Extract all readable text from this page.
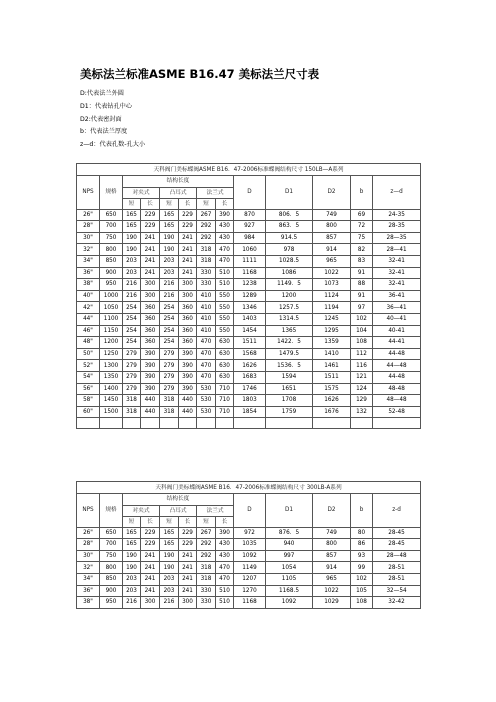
美标法兰标准ASME B16.47 美标法兰尺寸表
D:代表法兰外圆
D1：代表钻孔中心
D2:代表密封面
b：代表法兰厚度
z—d：代表孔数-孔大小
天科阀门美标蝶阀ASME B16．47-2006标准蝶阀结构尺寸 150LB—A系列												
NPS	规格	结构长度						D	D1	D2	b	z—d
		对夹式		凸耳式		法兰式						
		短	长	短	长	短	长					
26"	650	165	229	165	229	267	390	870	806．5	749	69	24-35
28"	700	165	229	165	229	292	430	927	863．5	800	72	28-35
30"	750	190	241	190	241	292	430	984	914.5	857	75	28—35
32"	800	190	241	190	241	318	470	1060	978	914	82	28—41
34"	850	203	241	203	241	318	470	1111	1028.5	965	83	32-41
36"	900	203	241	203	241	330	510	1168	1086	1022	91	32-41
38"	950	216	300	216	300	330	510	1238	1149．5	1073	88	32-41
40"	1000	216	300	216	300	410	550	1289	1200	1124	91	36-41
42"	1050	254	360	254	360	410	550	1346	1257.5	1194	97	36—41
44"	1100	254	360	254	360	410	550	1403	1314.5	1245	102	40—41
46"	1150	254	360	254	360	410	550	1454	1365	1295	104	40-41
48"	1200	254	360	254	360	470	630	1511	1422．5	1359	108	44-41
50"	1250	279	390	279	390	470	630	1568	1479.5	1410	112	44-48
52"	1300	279	390	279	390	470	630	1626	1536．5	1461	116	44—48
54"	1350	279	390	279	390	470	630	1683	1594	1511	121	44-48
56"	1400	279	390	279	390	530	710	1746	1651	1575	124	48-48
58"	1450	318	440	318	440	530	710	1803	1708	1626	129	48—48
60"	1500	318	440	318	440	530	710	1854	1759	1676	132	52-48

天科阀门美标蝶阀ASME B16．47-2006标准蝶阀结构尺寸 300LB-A系列												
NPS	规格	结构长度						D	D1	D2	b	z-d
		对夹式		凸耳式		法兰式						
		短	长	短	长	短	长					
26"	650	165	229	165	229	267	390	972	876．5	749	80	28-45
28"	700	165	229	165	229	292	430	1035	940	800	86	28-45
30"	750	190	241	190	241	292	430	1092	997	857	93	28—48
32"	800	190	241	190	241	318	470	1149	1054	914	99	28-51
34"	850	203	241	203	241	318	470	1207	1105	965	102	28-51
36"	900	203	241	203	241	330	510	1270	1168.5	1022	105	32—54
38"	950	216	300	216	300	330	510	1168	1092	1029	108	32-42
